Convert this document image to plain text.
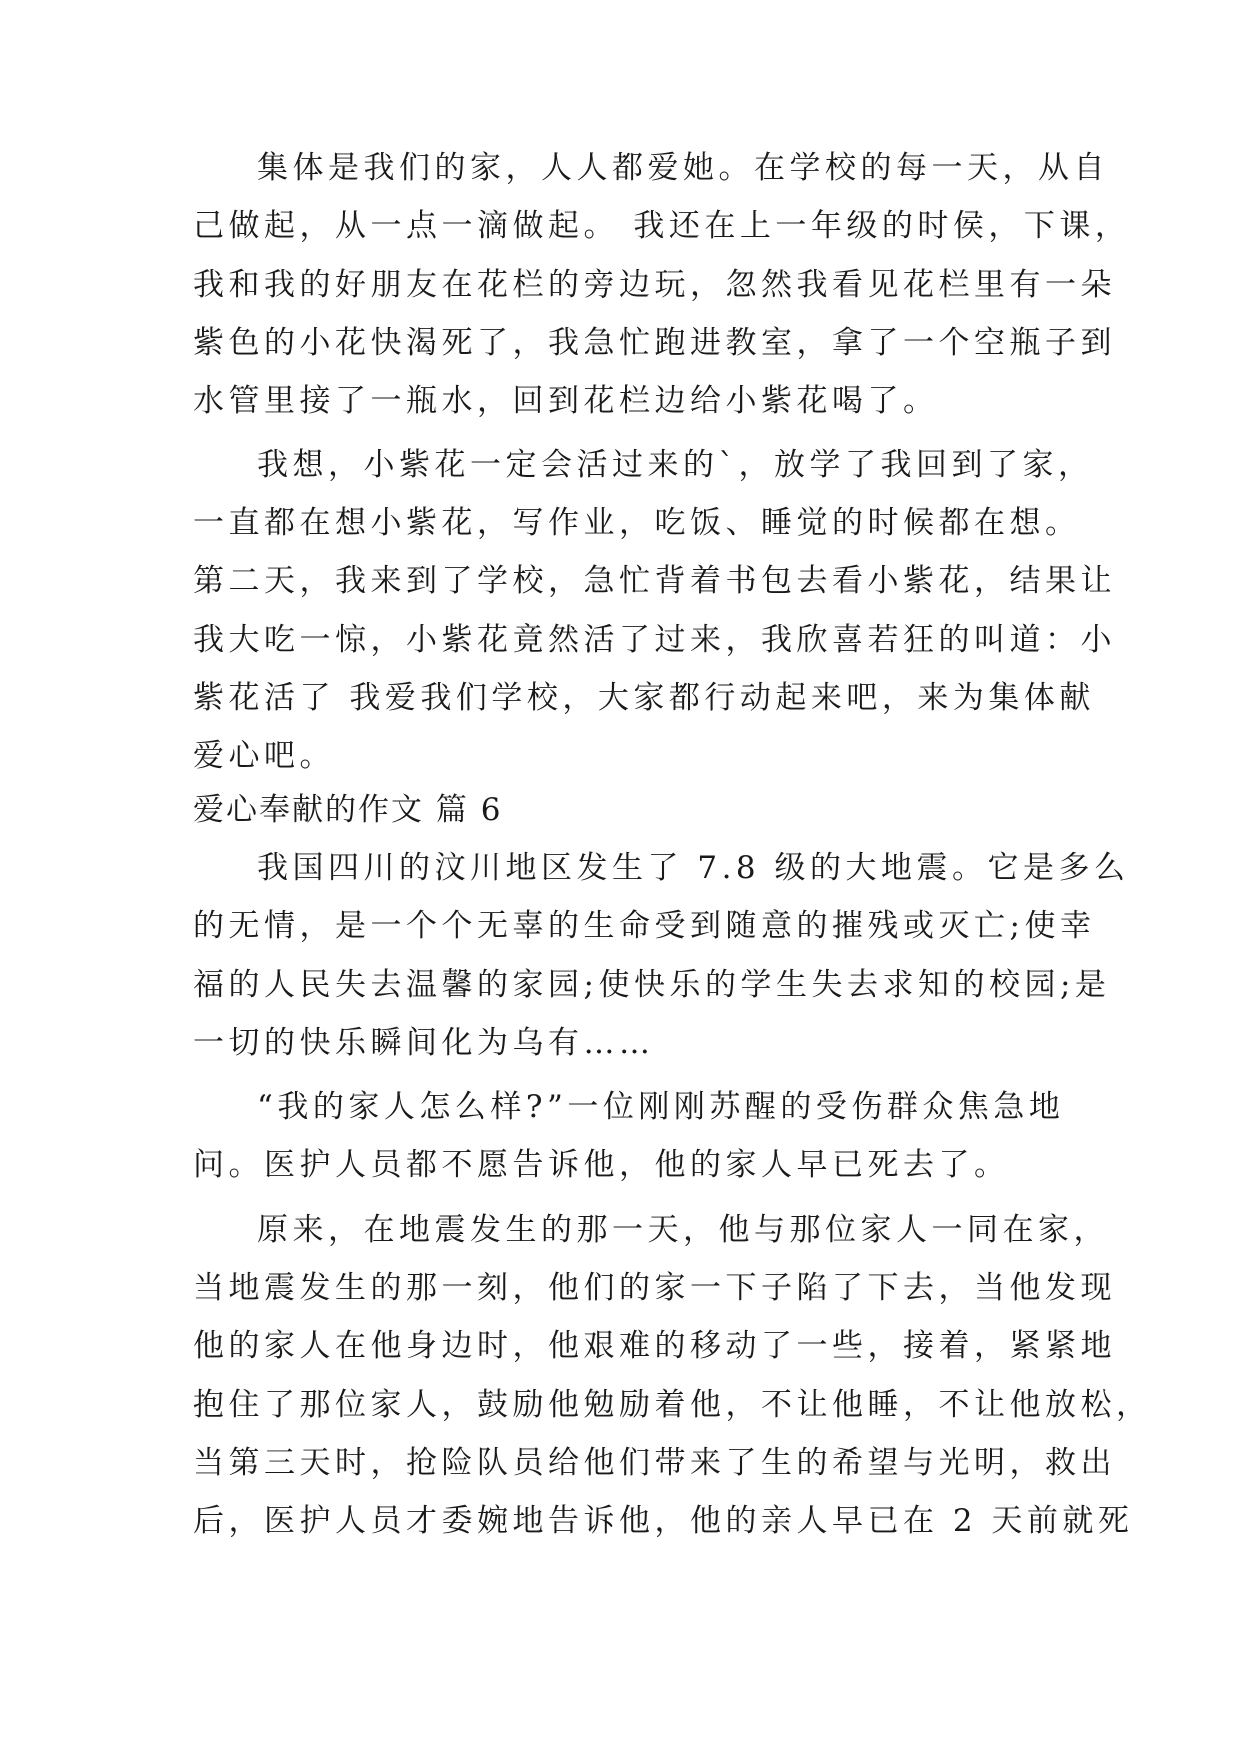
集体是我们的家，人人都爱她。在学校的每一天，从自
己做起，从一点一滴做起。 我还在上一年级的时侯，下课，
我和我的好朋友在花栏的旁边玩，忽然我看见花栏里有一朵
紫色的小花快渴死了，我急忙跑进教室，拿了一个空瓶子到
水管里接了一瓶水，回到花栏边给小紫花喝了。
我想，小紫花一定会活过来的`，放学了我回到了家，
一直都在想小紫花，写作业，吃饭、睡觉的时候都在想。
第二天，我来到了学校，急忙背着书包去看小紫花，结果让
我大吃一惊，小紫花竟然活了过来，我欣喜若狂的叫道：小
紫花活了 我爱我们学校，大家都行动起来吧，来为集体献
爱心吧。
爱心奉献的作文 篇 6
我国四川的汶川地区发生了 7.8 级的大地震。它是多么
的无情，是一个个无辜的生命受到随意的摧残或灭亡;使幸
福的人民失去温馨的家园;使快乐的学生失去求知的校园;是
一切的快乐瞬间化为乌有……
“我的家人怎么样?”一位刚刚苏醒的受伤群众焦急地
问。医护人员都不愿告诉他，他的家人早已死去了。
原来，在地震发生的那一天，他与那位家人一同在家，
当地震发生的那一刻，他们的家一下子陷了下去，当他发现
他的家人在他身边时，他艰难的移动了一些，接着，紧紧地
抱住了那位家人，鼓励他勉励着他，不让他睡，不让他放松，
当第三天时，抢险队员给他们带来了生的希望与光明，救出
后，医护人员才委婉地告诉他，他的亲人早已在 2 天前就死
